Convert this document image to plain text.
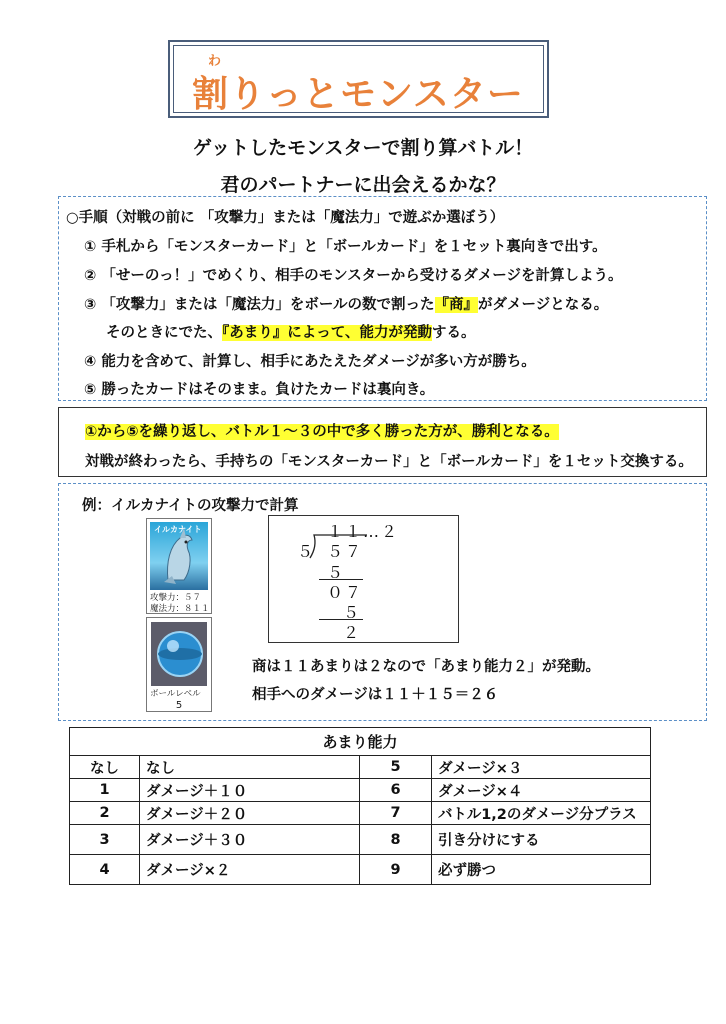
わ
割りっとモンスター
ゲットしたモンスターで割り算バトル！
君のパートナーに出会えるかな？
○手順（対戦の前に 「攻撃力」または「魔法力」で遊ぶか選ぼう）
① 手札から「モンスターカード」と「ボールカード」を１セット裏向きで出す。
② 「せーのっ！」でめくり、相手のモンスターから受けるダメージを計算しよう。
③ 「攻撃力」または「魔法力」をボールの数で割った『商』がダメージとなる。
そのときにでた、『あまり』によって、能力が発動する。
④ 能力を含めて、計算し、相手にあたえたダメージが多い方が勝ち。
⑤ 勝ったカードはそのまま。負けたカードは裏向き。
①から⑤を繰り返し、バトル１～３の中で多く勝った方が、勝利となる。
対戦が終わったら、手持ちの「モンスターカード」と「ボールカード」を１セット交換する。
例：イルカナイトの攻撃力で計算
イルカナイト
攻撃力：５７
魔法力：８１１
ボールレベル
5
１１…２
５ ５７
５
０７
５
２
商は１１あまりは２なので「あまり能力２」が発動。
相手へのダメージは１１＋１５＝２６
あまり能力			
なし	なし	5	ダメージ×３
1	ダメージ＋１０	6	ダメージ×４
2	ダメージ＋２０	7	バトル1,2のダメージ分プラス
3	ダメージ＋３０	8	引き分けにする
4	ダメージ×２	9	必ず勝つ
